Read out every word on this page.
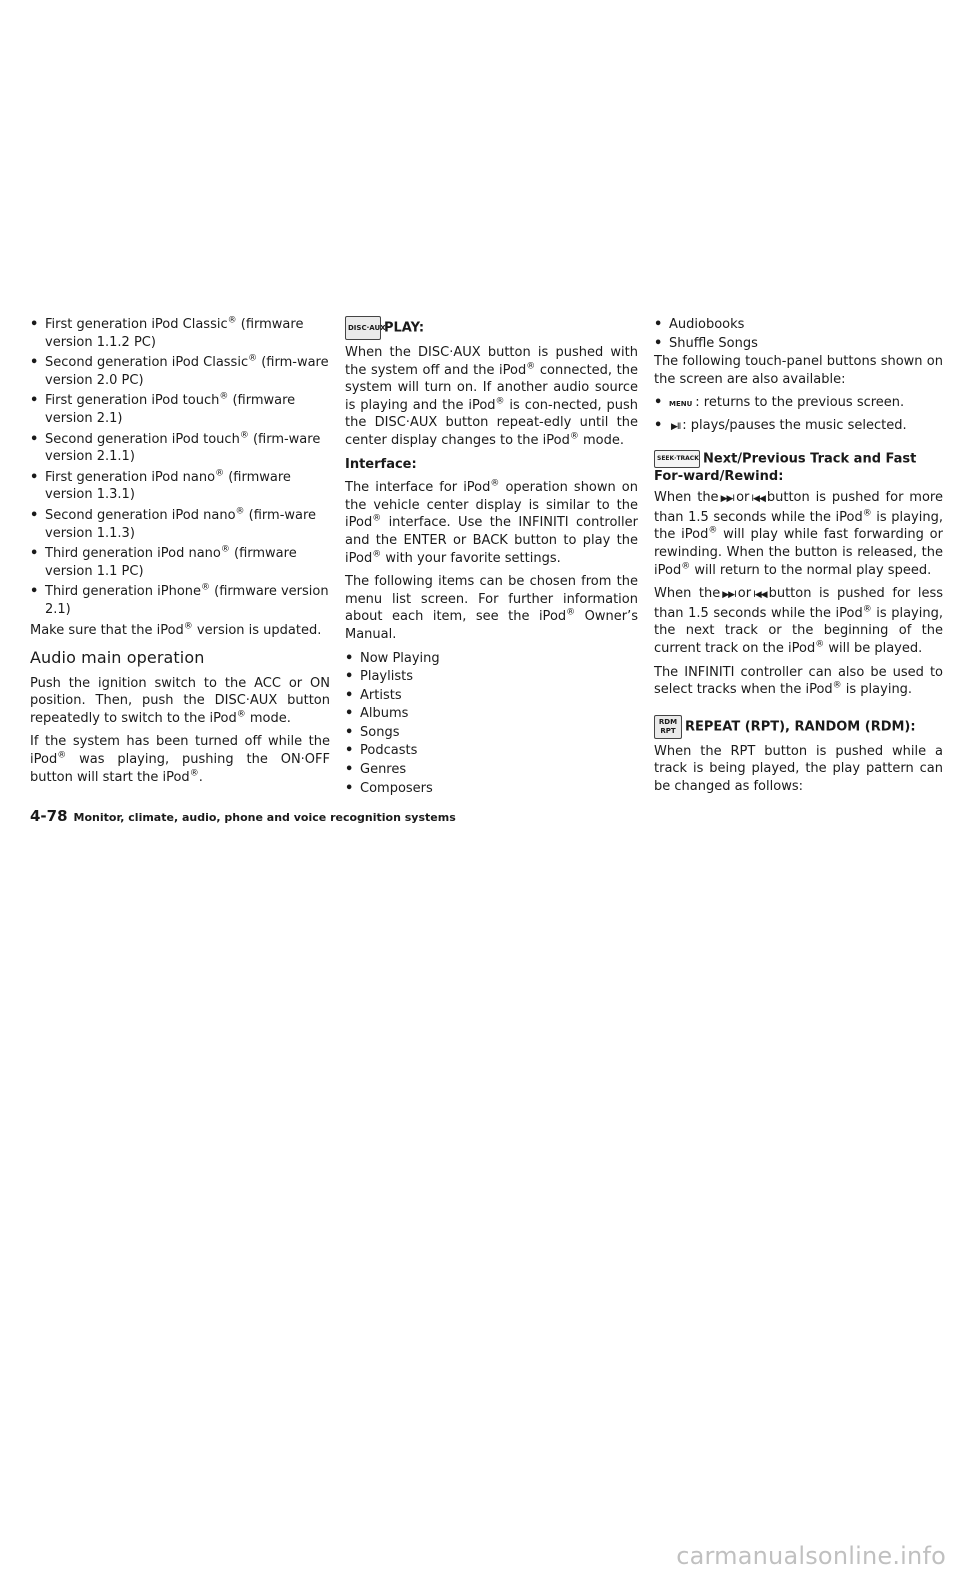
• First generation iPod Classic® (firmware version 1.1.2 PC)
• Second generation iPod Classic® (firm-ware version 2.0 PC)
• First generation iPod touch® (firmware version 2.1)
• Second generation iPod touch® (firm-ware version 2.1.1)
• First generation iPod nano® (firmware version 1.3.1)
• Second generation iPod nano® (firm-ware version 1.1.3)
• Third generation iPod nano® (firmware version 1.1 PC)
• Third generation iPhone® (firmware version 2.1)

Make sure that the iPod® version is updated.

Audio main operation

Push the ignition switch to the ACC or ON position. Then, push the DISC·AUX button repeatedly to switch to the iPod® mode.

If the system has been turned off while the iPod® was playing, pushing the ON·OFF button will start the iPod®.

DISC·AUXPLAY:

When the DISC·AUX button is pushed with the system off and the iPod® connected, the system will turn on. If another audio source is playing and the iPod® is con-nected, push the DISC·AUX button repeat-edly until the center display changes to the iPod® mode.

Interface:

The interface for iPod® operation shown on the vehicle center display is similar to the iPod® interface. Use the INFINITI controller and the ENTER or BACK button to play the iPod® with your favorite settings.

The following items can be chosen from the menu list screen. For further information about each item, see the iPod® Owner’s Manual.

• Now Playing
• Playlists
• Artists
• Albums
• Songs
• Podcasts
• Genres
• Composers
• Audiobooks
• Shuffle Songs

The following touch-panel buttons shown on the screen are also available:

• MENU : returns to the previous screen.
• ▶II : plays/pauses the music selected.
SEEK·TRACK Next/Previous Track and Fast For-ward/Rewind:

When the ▶▶I or I◀◀ button is pushed for more than 1.5 seconds while the iPod® is playing, the iPod® will play while fast forwarding or rewinding. When the button is released, the iPod® will return to the normal play speed.

When the ▶▶I or I◀◀ button is pushed for less than 1.5 seconds while the iPod® is playing, the next track or the beginning of the current track on the iPod® will be played.

The INFINITI controller can also be used to select tracks when the iPod® is playing.

RDM
RPT REPEAT (RPT), RANDOM (RDM):

When the RPT button is pushed while a track is being played, the play pattern can be changed as follows:

4-78 Monitor, climate, audio, phone and voice recognition systems
carmanualsonline.info
